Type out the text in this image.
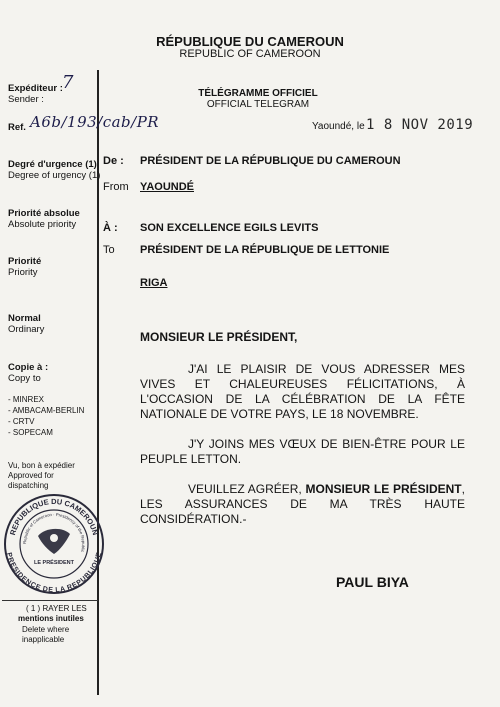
RÉPUBLIQUE DU CAMEROUN
REPUBLIC OF CAMEROON
TÉLÉGRAMME OFFICIEL
OFFICIAL TELEGRAM
Expéditeur :
Sender :
7
Ref. A6b/193/cab/PR
Degré d'urgence (1)
Degree of urgency (1)
Priorité absolue
Absolute priority
Priorité
Priority
Normal
Ordinary
Copie à :
Copy to
- MINREX
- AMBACAM-BERLIN
- CRTV
- SOPECAM
Vu, bon à expédier
Approved for
dispatching
REPUBLIQUE DU CAMEROUN
PRESIDENCE DE LA REPUBLIQUE
Republic of Cameroon · Presidency of the Republic
LE PRÉSIDENT
( 1 ) RAYER LES
mentions inutiles
Delete where
inapplicable
Yaoundé, le 1 8 NOV 2019
De : PRÉSIDENT DE LA RÉPUBLIQUE DU CAMEROUN
From YAOUNDÉ
À : SON EXCELLENCE EGILS LEVITS
To PRÉSIDENT DE LA RÉPUBLIQUE DE LETTONIE
RIGA
MONSIEUR LE PRÉSIDENT,
J'AI LE PLAISIR DE VOUS ADRESSER MES VIVES ET CHALEUREUSES FÉLICITATIONS, À L'OCCASION DE LA CÉLÉBRATION DE LA FÊTE NATIONALE DE VOTRE PAYS, LE 18 NOVEMBRE.
J'Y JOINS MES VŒUX DE BIEN-ÊTRE POUR LE PEUPLE LETTON.
VEUILLEZ AGRÉER, MONSIEUR LE PRÉSIDENT, LES ASSURANCES DE MA TRÈS HAUTE CONSIDÉRATION.-
PAUL BIYA
